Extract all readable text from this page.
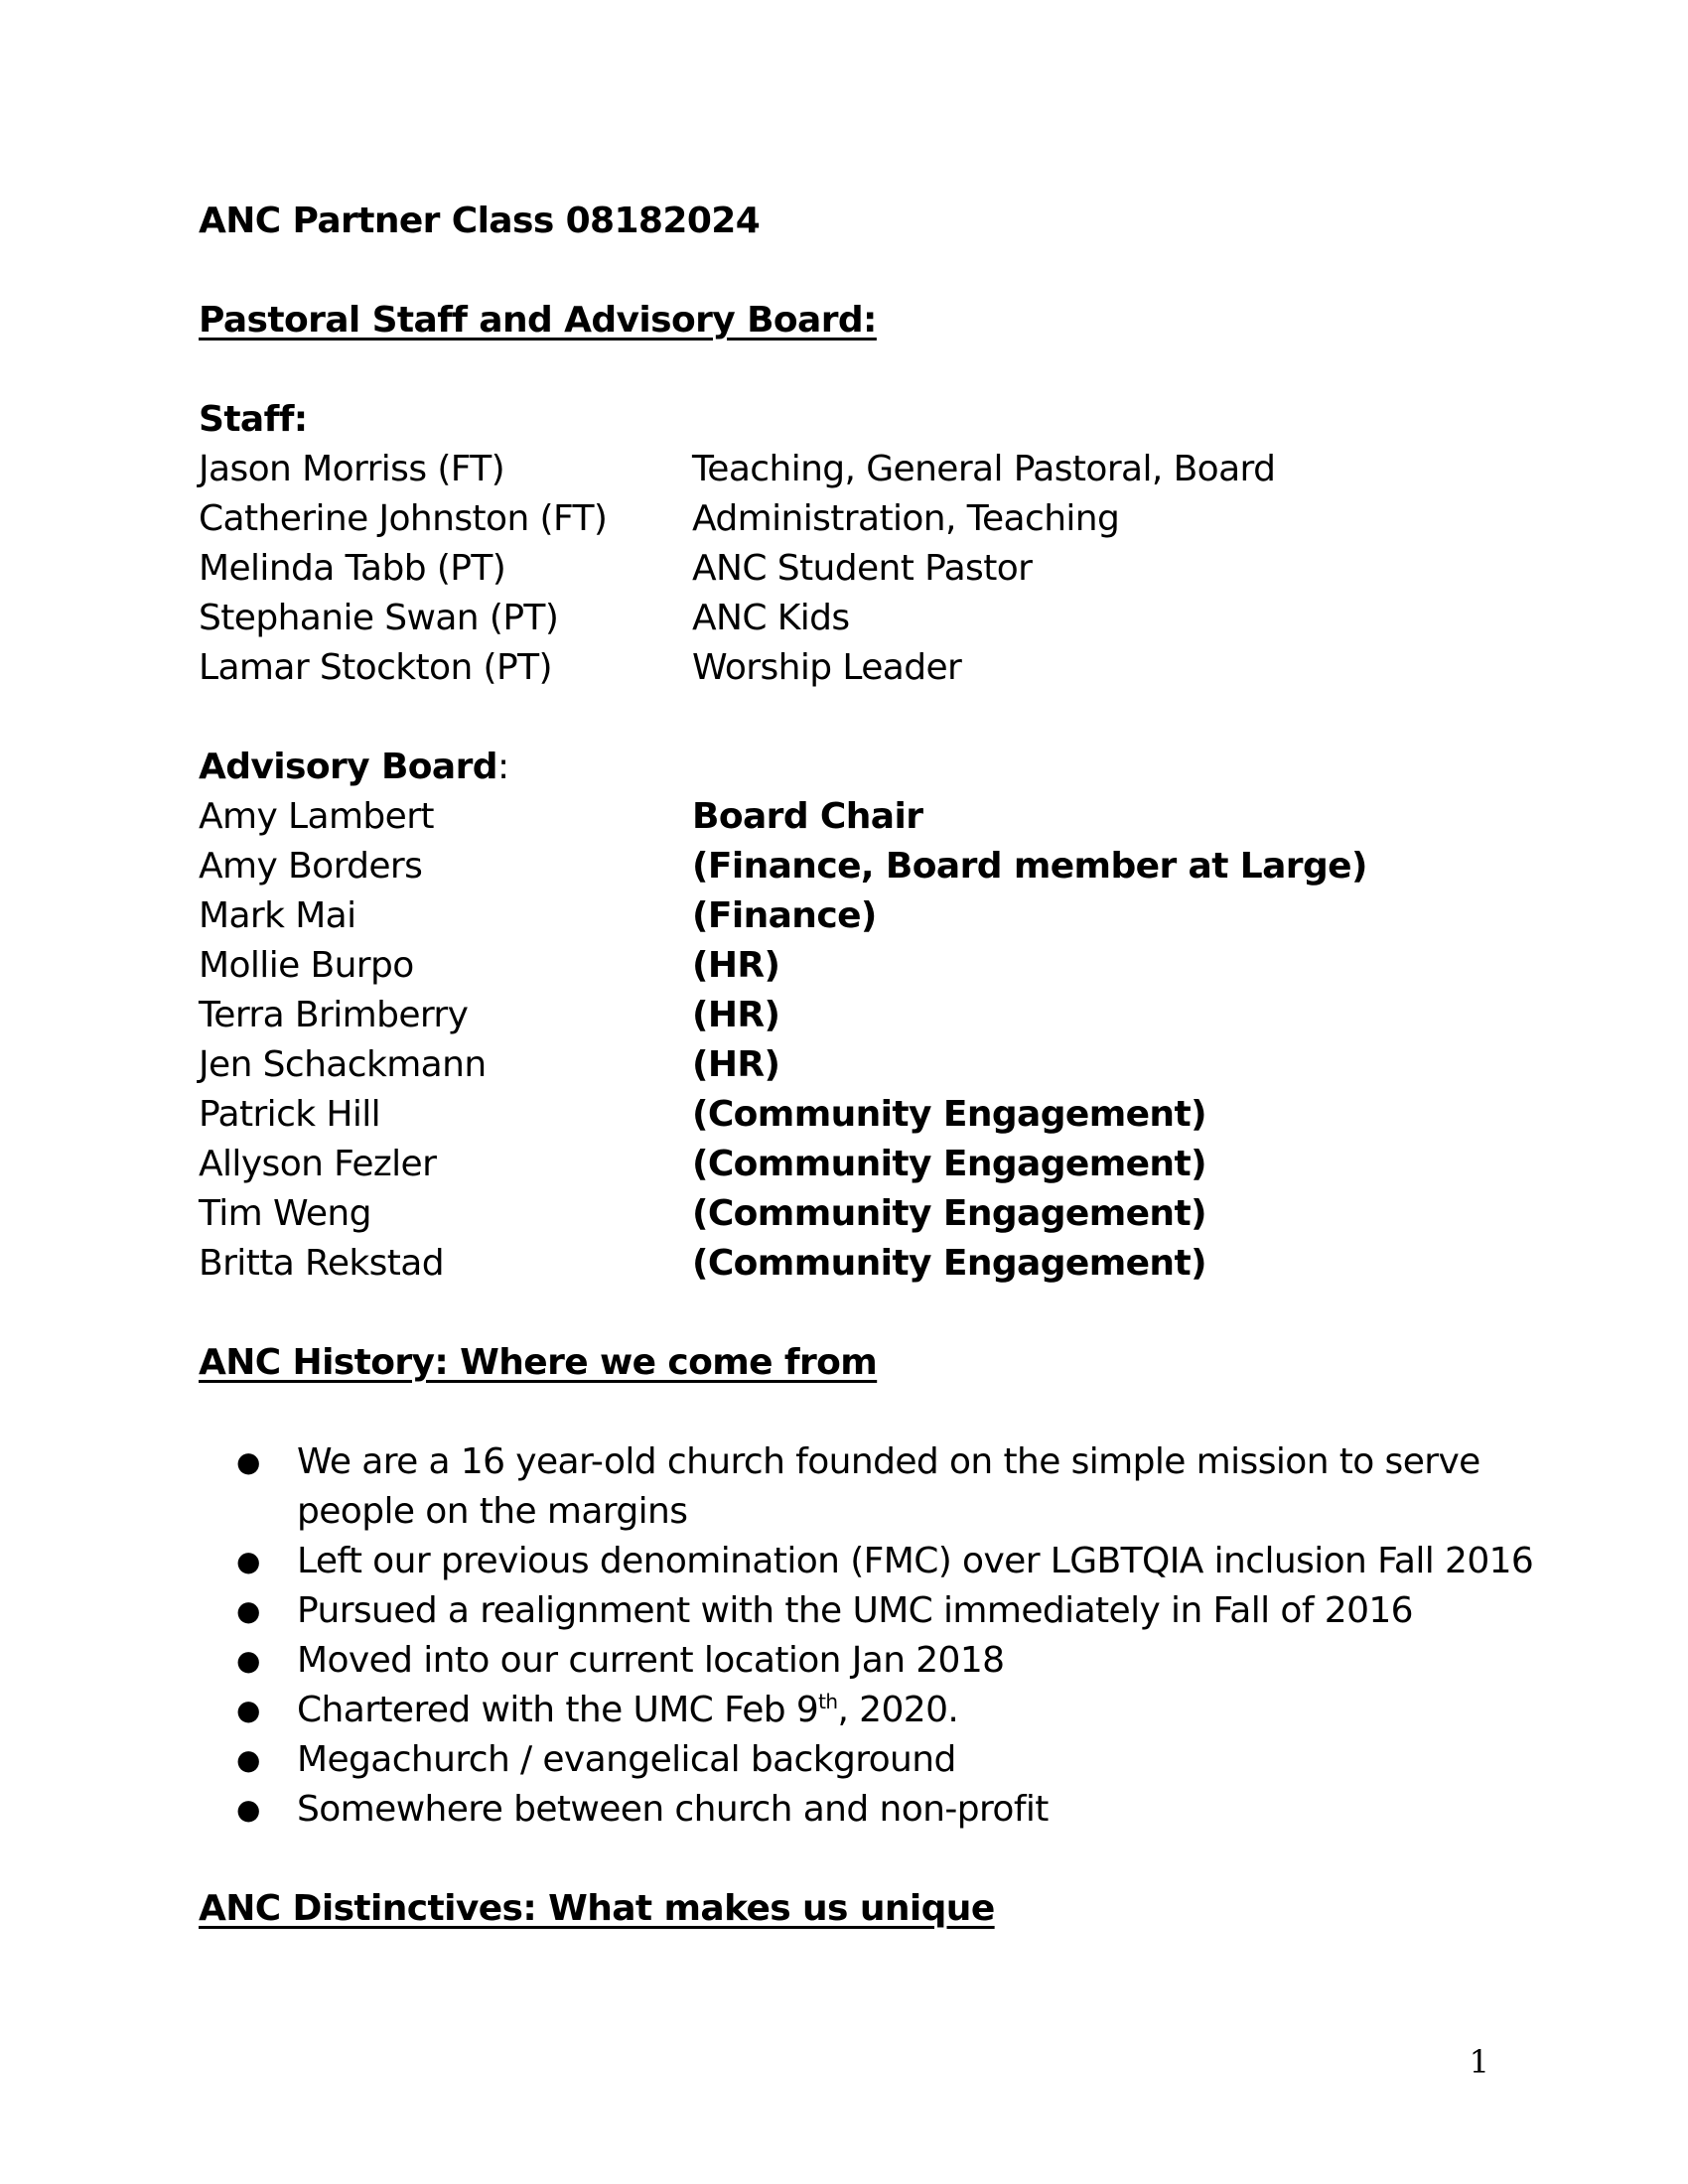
ANC Partner Class 08182024
Pastoral Staff and Advisory Board:
Staff:
Jason Morriss (FT)	Teaching, General Pastoral, Board
Catherine Johnston (FT)	Administration, Teaching
Melinda Tabb (PT)	ANC Student Pastor
Stephanie Swan (PT)	ANC Kids
Lamar Stockton (PT)	Worship Leader
Advisory Board:
Amy Lambert	Board Chair
Amy Borders	(Finance, Board member at Large)
Mark Mai	(Finance)
Mollie Burpo	(HR)
Terra Brimberry	(HR)
Jen Schackmann	(HR)
Patrick Hill	(Community Engagement)
Allyson Fezler	(Community Engagement)
Tim Weng	(Community Engagement)
Britta Rekstad	(Community Engagement)
ANC History: Where we come from
● We are a 16 year-old church founded on the simple mission to serve
people on the margins
● Left our previous denomination (FMC) over LGBTQIA inclusion Fall 2016
● Pursued a realignment with the UMC immediately in Fall of 2016
● Moved into our current location Jan 2018
● Chartered with the UMC Feb 9th, 2020.
● Megachurch / evangelical background
● Somewhere between church and non-profit
ANC Distinctives: What makes us unique
1
